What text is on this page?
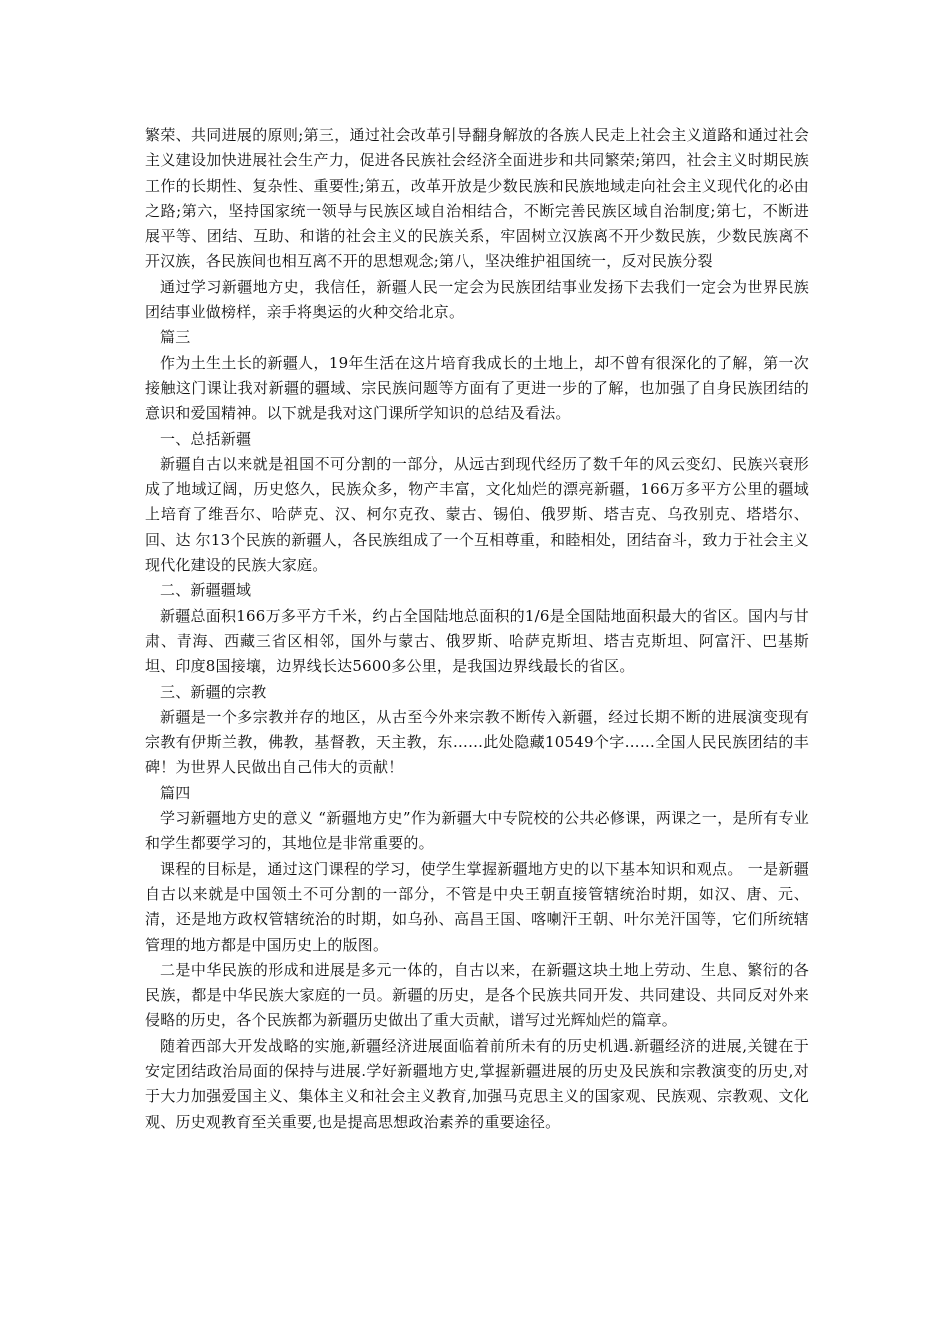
繁荣、共同进展的原则;第三，通过社会改革引导翻身解放的各族人民走上社会主义道路和通过社会主义建设加快进展社会生产力，促进各民族社会经济全面进步和共同繁荣;第四，社会主义时期民族工作的长期性、复杂性、重要性;第五，改革开放是少数民族和民族地域走向社会主义现代化的必由之路;第六，坚持国家统一领导与民族区域自治相结合，不断完善民族区域自治制度;第七，不断进展平等、团结、互助、和谐的社会主义的民族关系，牢固树立汉族离不开少数民族，少数民族离不开汉族，各民族间也相互离不开的思想观念;第八，坚决维护祖国统一，反对民族分裂

通过学习新疆地方史，我信任，新疆人民一定会为民族团结事业发扬下去我们一定会为世界民族团结事业做榜样，亲手将奥运的火种交给北京。

篇三

作为土生土长的新疆人，19年生活在这片培育我成长的土地上，却不曾有很深化的了解，第一次接触这门课让我对新疆的疆域、宗民族问题等方面有了更进一步的了解，也加强了自身民族团结的意识和爱国精神。以下就是我对这门课所学知识的总结及看法。

一、总括新疆

新疆自古以来就是祖国不可分割的一部分，从远古到现代经历了数千年的风云变幻、民族兴衰形成了地域辽阔，历史悠久，民族众多，物产丰富，文化灿烂的漂亮新疆，166万多平方公里的疆域上培育了维吾尔、哈萨克、汉、柯尔克孜、蒙古、锡伯、俄罗斯、塔吉克、乌孜别克、塔塔尔、回、达 尔13个民族的新疆人，各民族组成了一个互相尊重，和睦相处，团结奋斗，致力于社会主义现代化建设的民族大家庭。

二、新疆疆域

新疆总面积166万多平方千米，约占全国陆地总面积的1/6是全国陆地面积最大的省区。国内与甘肃、青海、西藏三省区相邻，国外与蒙古、俄罗斯、哈萨克斯坦、塔吉克斯坦、阿富汗、巴基斯坦、印度8国接壤，边界线长达5600多公里，是我国边界线最长的省区。

三、新疆的宗教

新疆是一个多宗教并存的地区，从古至今外来宗教不断传入新疆，经过长期不断的进展演变现有宗教有伊斯兰教，佛教，基督教，天主教，东……此处隐藏10549个字……全国人民民族团结的丰碑！为世界人民做出自己伟大的贡献！

篇四

学习新疆地方史的意义 “新疆地方史”作为新疆大中专院校的公共必修课，两课之一，是所有专业和学生都要学习的，其地位是非常重要的。

课程的目标是，通过这门课程的学习，使学生掌握新疆地方史的以下基本知识和观点。 一是新疆自古以来就是中国领土不可分割的一部分，不管是中央王朝直接管辖统治时期，如汉、唐、元、清，还是地方政权管辖统治的时期，如乌孙、高昌王国、喀喇汗王朝、叶尔羌汗国等，它们所统辖管理的地方都是中国历史上的版图。

二是中华民族的形成和进展是多元一体的，自古以来，在新疆这块土地上劳动、生息、繁衍的各民族，都是中华民族大家庭的一员。新疆的历史，是各个民族共同开发、共同建设、共同反对外来侵略的历史，各个民族都为新疆历史做出了重大贡献，谱写过光辉灿烂的篇章。

随着西部大开发战略的实施,新疆经济进展面临着前所未有的历史机遇.新疆经济的进展,关键在于安定团结政治局面的保持与进展.学好新疆地方史,掌握新疆进展的历史及民族和宗教演变的历史,对于大力加强爱国主义、集体主义和社会主义教育,加强马克思主义的国家观、民族观、宗教观、文化观、历史观教育至关重要,也是提高思想政治素养的重要途径。
